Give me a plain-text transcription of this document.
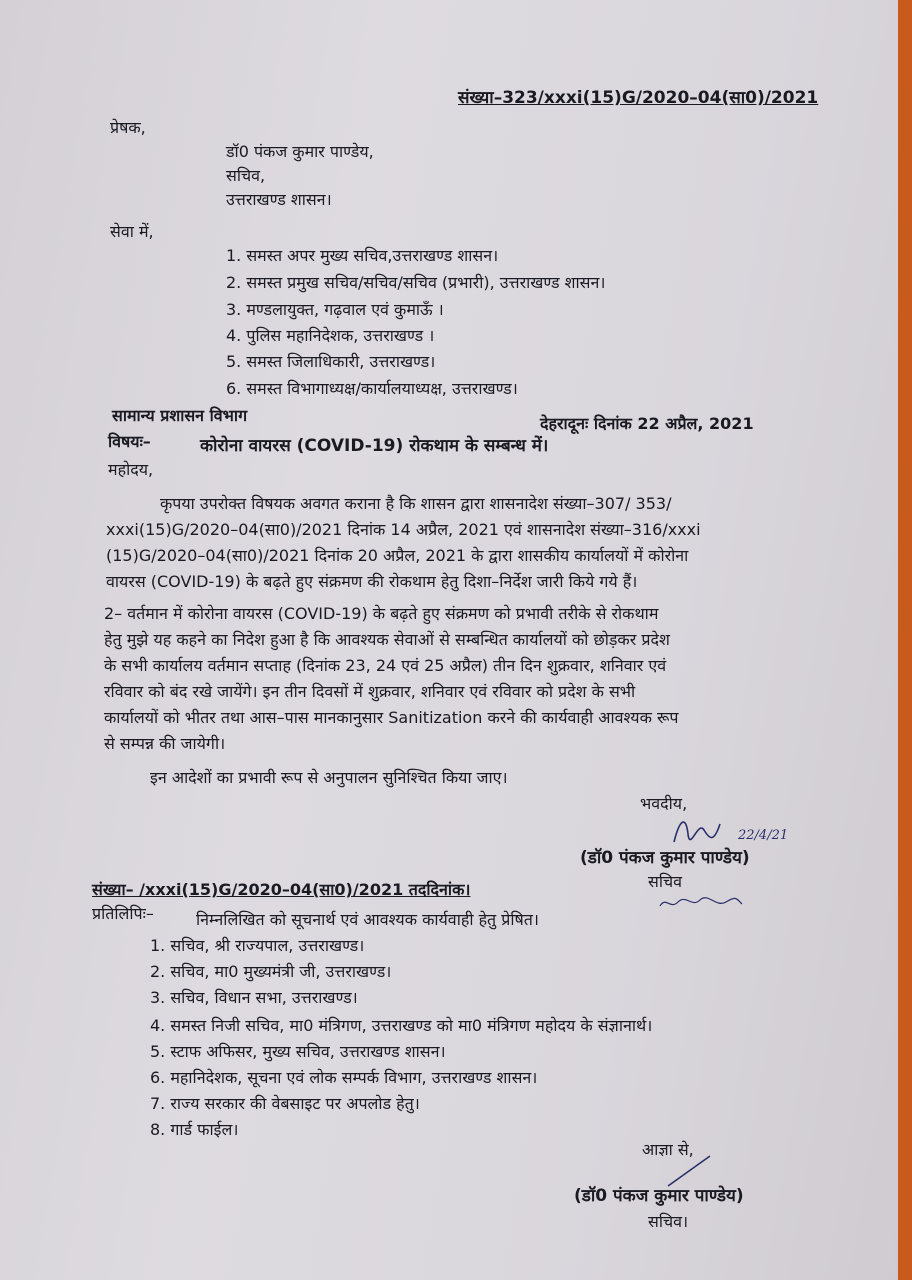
संख्या–323/xxxi(15)G/2020–04(सा0)/2021
प्रेषक,
डॉ0 पंकज कुमार पाण्डेय,
सचिव,
उत्तराखण्ड शासन।
सेवा में,
1. समस्त अपर मुख्य सचिव,उत्तराखण्ड शासन।
2. समस्त प्रमुख सचिव/सचिव/सचिव (प्रभारी), उत्तराखण्ड शासन।
3. मण्डलायुक्त, गढ़वाल एवं कुमाऊँ ।
4. पुलिस महानिदेशक, उत्तराखण्ड ।
5. समस्त जिलाधिकारी, उत्तराखण्ड।
6. समस्त विभागाध्यक्ष/कार्यालयाध्यक्ष, उत्तराखण्ड।
सामान्य प्रशासन विभाग	देहरादूनः दिनांक 22 अप्रैल, 2021
विषयः–	कोरोना वायरस (COVID-19) रोकथाम के सम्बन्ध में।
महोदय,
कृपया उपरोक्त विषयक अवगत कराना है कि शासन द्वारा शासनादेश संख्या–307/ 353/
xxxi(15)G/2020–04(सा0)/2021 दिनांक 14 अप्रैल, 2021 एवं शासनादेश संख्या–316/xxxi
(15)G/2020–04(सा0)/2021 दिनांक 20 अप्रैल, 2021 के द्वारा शासकीय कार्यालयों में कोरोना
वायरस (COVID-19) के बढ़ते हुए संक्रमण की रोकथाम हेतु दिशा–निर्देश जारी किये गये हैं।
2– वर्तमान में कोरोना वायरस (COVID-19) के बढ़ते हुए संक्रमण को प्रभावी तरीके से रोकथाम
हेतु मुझे यह कहने का निदेश हुआ है कि आवश्यक सेवाओं से सम्बन्धित कार्यालयों को छोड़कर प्रदेश
के सभी कार्यालय वर्तमान सप्ताह (दिनांक 23, 24 एवं 25 अप्रैल) तीन दिन शुक्रवार, शनिवार एवं
रविवार को बंद रखे जायेंगे। इन तीन दिवसों में शुक्रवार, शनिवार एवं रविवार को प्रदेश के सभी
कार्यालयों को भीतर तथा आस–पास मानकानुसार Sanitization करने की कार्यवाही आवश्यक रूप
से सम्पन्न की जायेगी।
इन आदेशों का प्रभावी रूप से अनुपालन सुनिश्चित किया जाए।
भवदीय,
22/4/21
(डॉ0 पंकज कुमार पाण्डेय)
सचिव
संख्या– /xxxi(15)G/2020–04(सा0)/2021 तददिनांक।
प्रतिलिपिः–	निम्नलिखित को सूचनार्थ एवं आवश्यक कार्यवाही हेतु प्रेषित।
1. सचिव, श्री राज्यपाल, उत्तराखण्ड।
2. सचिव, मा0 मुख्यमंत्री जी, उत्तराखण्ड।
3. सचिव, विधान सभा, उत्तराखण्ड।
4. समस्त निजी सचिव, मा0 मंत्रिगण, उत्तराखण्ड को मा0 मंत्रिगण महोदय के संज्ञानार्थ।
5. स्टाफ अफिसर, मुख्य सचिव, उत्तराखण्ड शासन।
6. महानिदेशक, सूचना एवं लोक सम्पर्क विभाग, उत्तराखण्ड शासन।
7. राज्य सरकार की वेबसाइट पर अपलोड हेतु।
8. गार्ड फाईल।
आज्ञा से,
(डॉ0 पंकज कुमार पाण्डेय)
सचिव।
